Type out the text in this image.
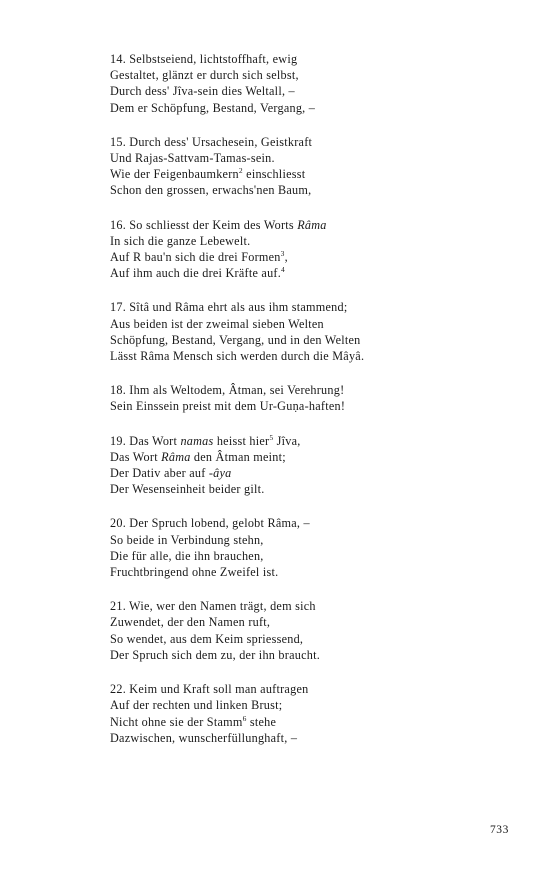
14. Selbstseiend, lichtstoffhaft, ewig
Gestaltet, glänzt er durch sich selbst,
Durch dess' Jîva-sein dies Weltall, –
Dem er Schöpfung, Bestand, Vergang, –
15. Durch dess' Ursachesein, Geistkraft
Und Rajas-Sattvam-Tamas-sein.
Wie der Feigenbaumkern$^2$ einschliesst
Schon den grossen, erwachs'nen Baum,
16. So schliesst der Keim des Worts Râma
In sich die ganze Lebewelt.
Auf R bau'n sich die drei Formen$^3$,
Auf ihm auch die drei Kräfte auf.$^4$
17. Sîtâ und Râma ehrt als aus ihm stammend;
Aus beiden ist der zweimal sieben Welten
Schöpfung, Bestand, Vergang, und in den Welten
Lässt Râma Mensch sich werden durch die Mâyâ.
18. Ihm als Weltodem, Âtman, sei Verehrung!
Sein Einssein preist mit dem Ur-Guṇa-haften!
19. Das Wort namas heisst hier$^5$ Jîva,
Das Wort Râma den Âtman meint;
Der Dativ aber auf -âya
Der Wesenseinheit beider gilt.
20. Der Spruch lobend, gelobt Râma, –
So beide in Verbindung stehn,
Die für alle, die ihn brauchen,
Fruchtbringend ohne Zweifel ist.
21. Wie, wer den Namen trägt, dem sich
Zuwendet, der den Namen ruft,
So wendet, aus dem Keim spriessend,
Der Spruch sich dem zu, der ihn braucht.
22. Keim und Kraft soll man auftragen
Auf der rechten und linken Brust;
Nicht ohne sie der Stamm$^6$ stehe
Dazwischen, wunscherfüllunghaft, –
733
